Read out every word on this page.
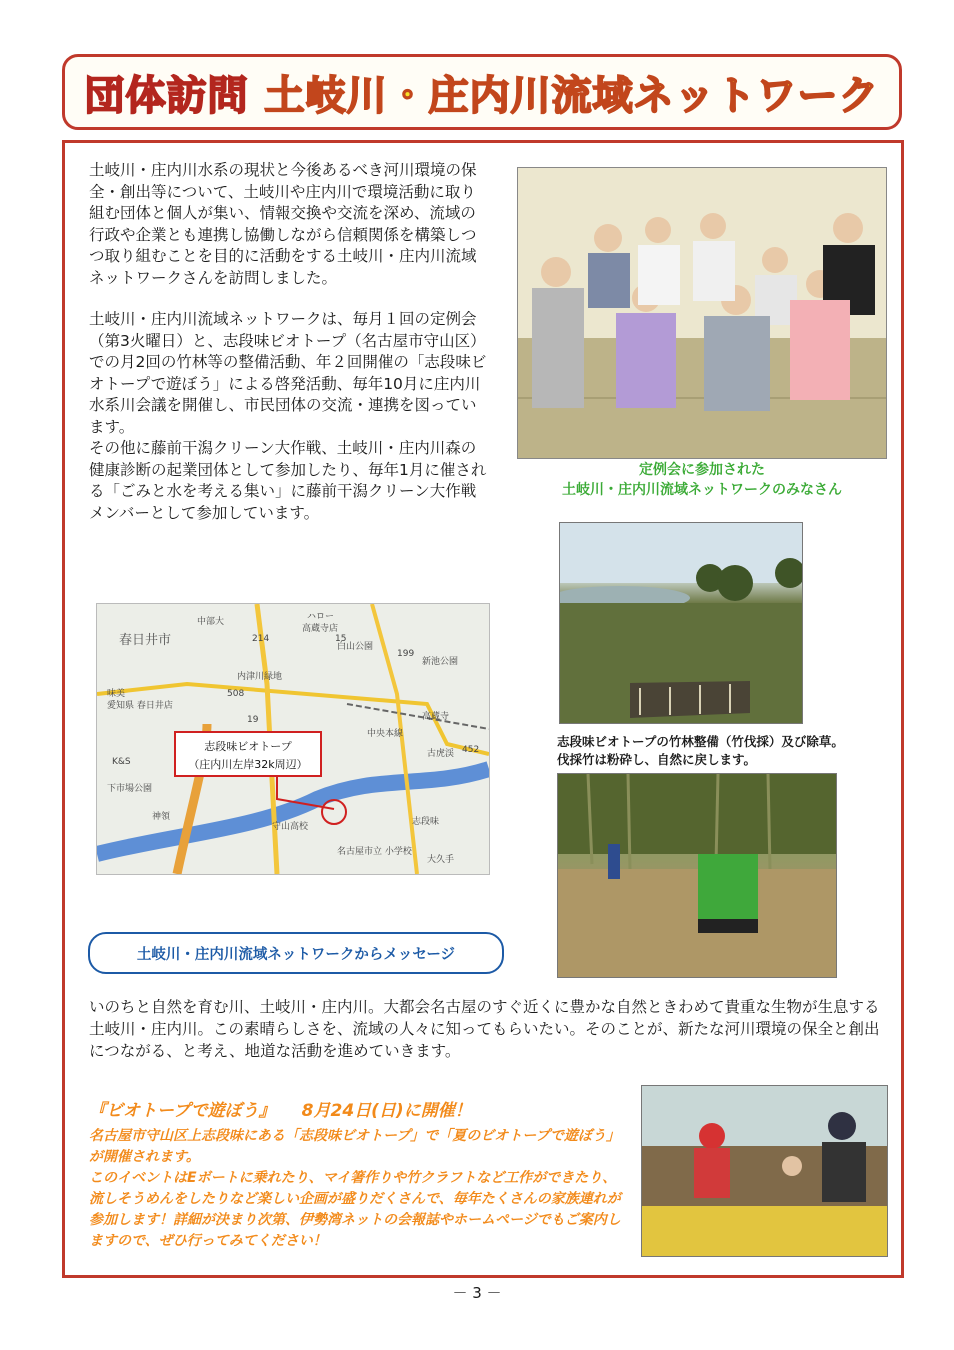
団体訪問 土岐川・庄内川流域ネットワーク

土岐川・庄内川水系の現状と今後あるべき河川環境の保全・創出等について、土岐川や庄内川で環境活動に取り組む団体と個人が集い、情報交換や交流を深め、流域の行政や企業とも連携し協働しながら信頼関係を構築しつつ取り組むことを目的に活動をする土岐川・庄内川流域ネットワークさんを訪問しました。

土岐川・庄内川流域ネットワークは、毎月１回の定例会（第3火曜日）と、志段味ビオトープ（名古屋市守山区）での月2回の竹林等の整備活動、年２回開催の「志段味ビオトープで遊ぼう」による啓発活動、毎年10月に庄内川水系川会議を開催し、市民団体の交流・連携を図っています。

その他に藤前干潟クリーン大作戦、土岐川・庄内川森の健康診断の起業団体として参加したり、毎年1月に催される「ごみと水を考える集い」に藤前干潟クリーン大作戦メンバーとして参加しています。

定例会に参加された
土岐川・庄内川流域ネットワークのみなさん
志段味ビオトープの竹林整備（竹伐採）及び除草。
伐採竹は粉砕し、自然に戻します。
志段味ビオトープ
（庄内川左岸32k周辺）
春日井市
中部大	ハロー
高蔵寺店
白山公園
新池公園
内津川緑地
味美
愛知県 春日井店
高蔵寺
中央本線
古虎渓
K&S
下市場公園
神領
守山高校
名古屋市立 小学校
大久手
志段味
214	15
508
199
452
19
土岐川・庄内川流域ネットワークからメッセージ
いのちと自然を育む川、土岐川・庄内川。大都会名古屋のすぐ近くに豊かな自然ときわめて貴重な生物が生息する土岐川・庄内川。この素晴らしさを、流域の人々に知ってもらいたい。そのことが、新たな河川環境の保全と創出につながる、と考え、地道な活動を進めていきます。
『ビオトープで遊ぼう』 8月24日(日)に開催！

名古屋市守山区上志段味にある「志段味ビオトープ」で「夏のビオトープで遊ぼう」が開催されます。

このイベントはEボートに乗れたり、マイ箸作りや竹クラフトなど工作ができたり、流しそうめんをしたりなど楽しい企画が盛りだくさんで、毎年たくさんの家族連れが参加します！詳細が決まり次第、伊勢湾ネットの会報誌やホームページでもご案内しますので、ぜひ行ってみてください！

－ 3 －
